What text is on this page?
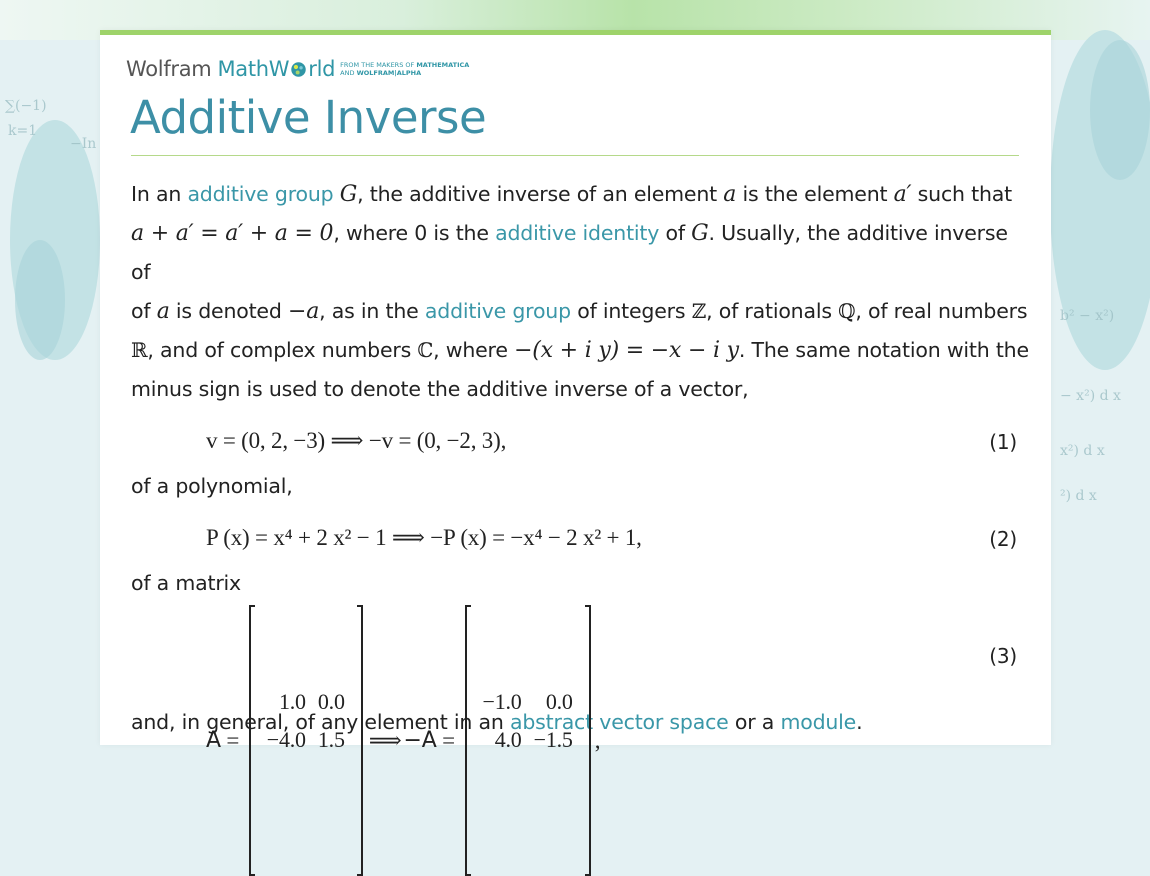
∑(−1)
k=1
−In
b² − x²)
− x²) d x
x²) d x
²) d x
Wolfram MathW rld FROM THE MAKERS OF MATHEMATICA
AND WOLFRAM|ALPHA
Additive Inverse

In an additive group G, the additive inverse of an element a is the element a′ such that
a + a′ = a′ + a = 0, where 0 is the additive identity of G. Usually, the additive inverse of
of a is denoted −a, as in the additive group of integers ℤ, of rationals ℚ, of real numbers
ℝ, and of complex numbers ℂ, where −(x + i y) = −x − i y. The same notation with the minus sign is used to denote the additive inverse of a vector,

v = (0, 2, −3) ⟹ −v = (0, −2, 3),	(1)

of a polynomial,

P (x) = x⁴ + 2 x² − 1 ⟹ −P (x) = −x⁴ − 2 x² + 1,	(2)

of a matrix

A =

1.0	0.0
−4.0	1.5

⟹ −A =

−1.0	0.0
4.0	−1.5

,
(3)

and, in general, of any element in an abstract vector space or a module.
